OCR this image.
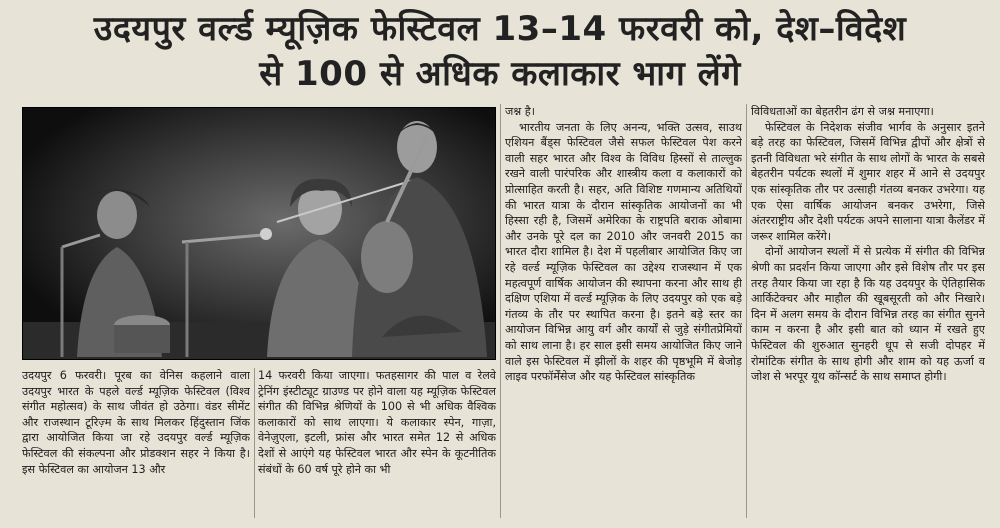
उदयपुर वर्ल्ड म्यूज़िक फेस्टिवल 13–14 फरवरी को, देश–विदेश
से 100 से अधिक कलाकार भाग लेंगे

उदयपुर 6 फरवरी। पूरब का वेनिस कहलाने वाला उदयपुर भारत के पहले वर्ल्ड म्यूज़िक फेस्टिवल (विश्व संगीत महोत्सव) के साथ जीवंत हो उठेगा। वंडर सीमेंट और राजस्थान टूरिज़्म के साथ मिलकर हिंदुस्तान जिंक द्वारा आयोजित किया जा रहे उदयपुर वर्ल्ड म्यूज़िक फेस्टिवल की संकल्पना और प्रोडक्शन सहर ने किया है। इस फेस्टिवल का आयोजन 13 और

14 फरवरी किया जाएगा। फतहसागर की पाल व रेलवे ट्रेनिंग इंस्टीट्यूट ग्राउण्ड पर होने वाला यह म्यूज़िक फेस्टिवल संगीत की विभिन्न श्रेणियों के 100 से भी अधिक वैश्विक कलाकारों को साथ लाएगा। ये कलाकार स्पेन, गाज़ा, वेनेज़ुएला, इटली, फ्रांस और भारत समेत 12 से अधिक देशों से आएंगे यह फेस्टिवल भारत और स्पेन के कूटनीतिक संबंधों के 60 वर्ष पूरे होने का भी

जश्न है।

भारतीय जनता के लिए अनन्य, भक्ति उत्सव, साउथ एशियन बैंड्स फेस्टिवल जैसे सफल फेस्टिवल पेश करने वाली सहर भारत और विश्व के विविध हिस्सों से ताल्लुक रखने वाली पारंपरिक और शास्त्रीय कला व कलाकारों को प्रोत्साहित करती है। सहर, अति विशिष्ट गणमान्य अतिथियों की भारत यात्रा के दौरान सांस्कृतिक आयोजनों का भी हिस्सा रही है, जिसमें अमेरिका के राष्ट्रपति बराक ओबामा और उनके पूरे दल का 2010 और जनवरी 2015 का भारत दौरा शामिल है। देश में पहलीबार आयोजित किए जा रहे वर्ल्ड म्यूज़िक फेस्टिवल का उद्देश्य राजस्थान में एक महत्वपूर्ण वार्षिक आयोजन की स्थापना करना और साथ ही दक्षिण एशिया में वर्ल्ड म्यूज़िक के लिए उदयपुर को एक बड़े गंतव्य के तौर पर स्थापित करना है। इतने बड़े स्तर का आयोजन विभिन्न आयु वर्ग और कार्यों से जुड़े संगीतप्रेमियों को साथ लाना है। हर साल इसी समय आयोजित किए जाने वाले इस फेस्टिवल में झीलों के शहर की पृष्ठभूमि में बेजोड़ लाइव परफॉर्मेंसेज और यह फेस्टिवल सांस्कृतिक

विविधताओं का बेहतरीन ढंग से जश्न मनाएगा।

फेस्टिवल के निदेशक संजीव भार्गव के अनुसार इतने बड़े तरह का फेस्टिवल, जिसमें विभिन्न द्वीपों और क्षेत्रों से इतनी विविधता भरे संगीत के साथ लोगों के भारत के सबसे बेहतरीन पर्यटक स्थलों में शुमार शहर में आने से उदयपुर एक सांस्कृतिक तौर पर उत्साही गंतव्य बनकर उभरेगा। यह एक ऐसा वार्षिक आयोजन बनकर उभरेगा, जिसे अंतरराष्ट्रीय और देशी पर्यटक अपने सालाना यात्रा कैलेंडर में जरूर शामिल करेंगे।

दोनों आयोजन स्थलों में से प्रत्येक में संगीत की विभिन्न श्रेणी का प्रदर्शन किया जाएगा और इसे विशेष तौर पर इस तरह तैयार किया जा रहा है कि यह उदयपुर के ऐतिहासिक आर्किटेक्चर और माहौल की खूबसूरती को और निखारे। दिन में अलग समय के दौरान विभिन्न तरह का संगीत सुनने काम न करना है और इसी बात को ध्यान में रखते हुए फेस्टिवल की शुरुआत सुनहरी धूप से सजी दोपहर में रोमांटिक संगीत के साथ होगी और शाम को यह ऊर्जा व जोश से भरपूर यूथ कॉन्सर्ट के साथ समाप्त होगी।
